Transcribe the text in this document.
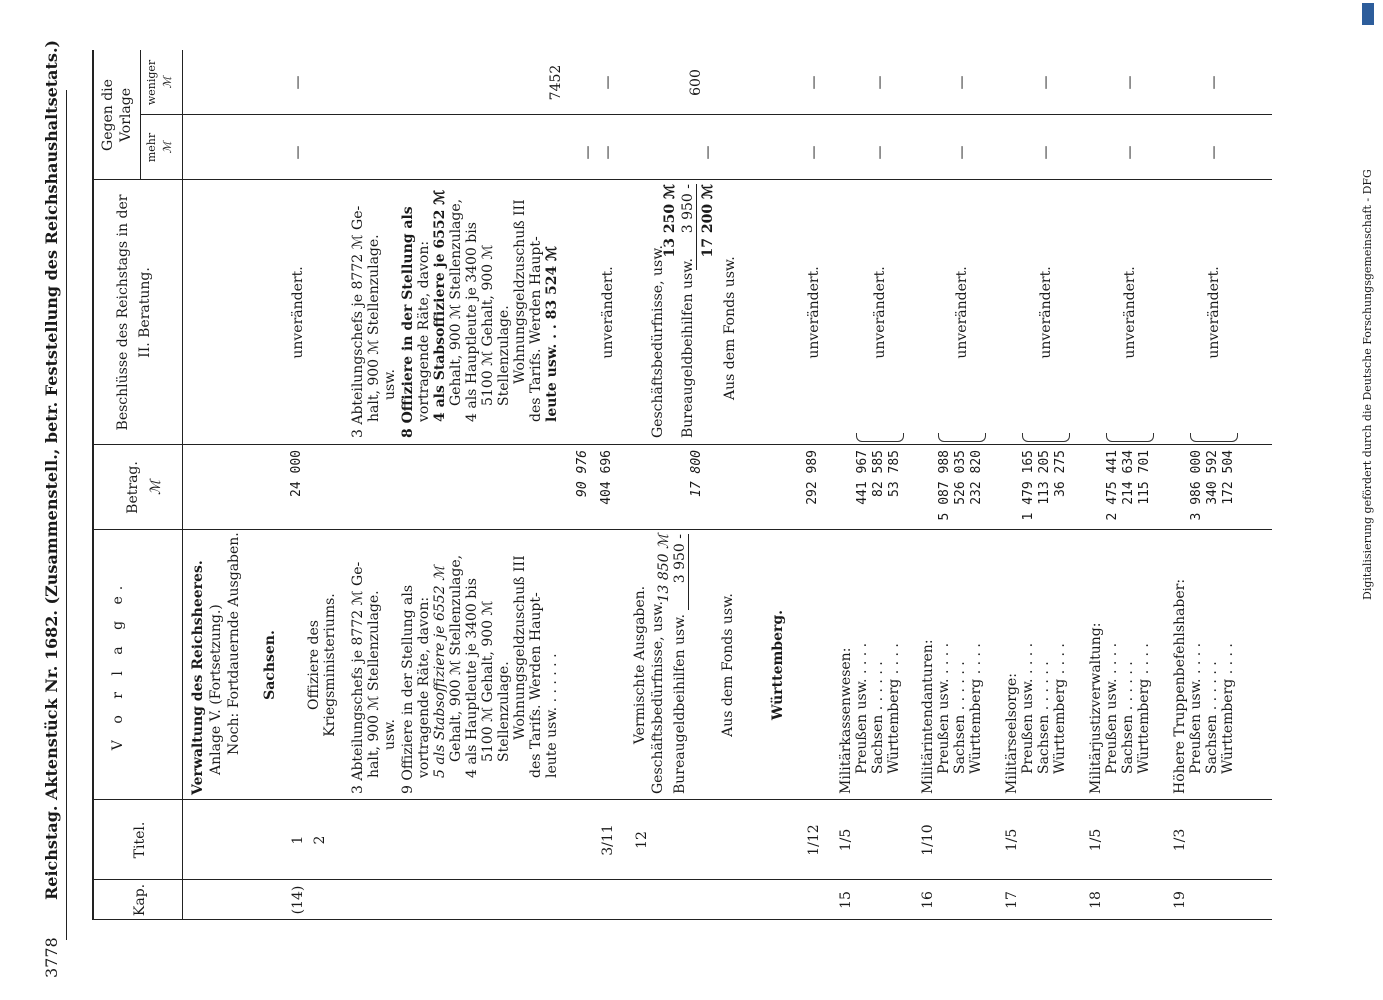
3778
Reichstag. Aktenstück Nr. 1682. (Zusammenstell., betr. Feststellung des Reichshaushaltsetats.)	Kap.
Titel.
V o r l a g e.
Betrag. ℳ
Beschlüsse des Reichstags in der II. Beratung.
Gegen die Vorlage
mehr
weniger
ℳ
ℳ
Verwaltung des Reichsheeres. Anlage V. (Fortsetzung.) Noch: Fortdauernde Ausgaben. Sachsen.
(14)
1 2
24 000
unverändert.
Offiziere des Kriegsministeriums.
—
—
3 Abteilungschefs je 8772 ℳ Ge- halt, 900 ℳ Stellenzulage. usw. 9 Offiziere in der Stellung als vortragende Räte, davon: 5 als Stabsoffiziere je 6552 ℳ Gehalt, 900 ℳ Stellenzulage, 4 als Hauptleute je 3400 bis 5100 ℳ Gehalt, 900 ℳ Stellenzulage. Wohnungsgeldzuschuß III des Tarifs. Werden Haupt- leute usw. . . . . . .
90 976
3 Abteilungschefs je 8772 ℳ Ge- halt, 900 ℳ Stellenzulage. usw. 8 Offiziere in der Stellung als vortragende Räte, davon: 4 als Stabsoffiziere je 6552 ℳ Gehalt, 900 ℳ Stellenzulage, 4 als Hauptleute je 3400 bis 5100 ℳ Gehalt, 900 ℳ Stellenzulage. Wohnungsgeldzuschuß III des Tarifs. Werden Haupt- leute usw. . . 83 524 ℳ
7452
—
3/11
404 696
unverändert.
—
—
12
Vermischte Ausgaben. Geschäftsbedürfnisse, usw.
13 850 ℳ
Bureaugeldbeihilfen usw.
3 950 -
Aus dem Fonds usw.
17 800
Geschäftsbedürfnisse, usw.
13 250 ℳ
Bureaugeldbeihilfen usw.
3 950 - 17 200 ℳ
Aus dem Fonds usw.
600
—
Württemberg.
1/12
292 989
unverändert.
—
—
15
1/5
Militärkassenwesen: Preußen usw. . . . . Sachsen . . . . . . Württemberg . . . .
441 967 82 585 53 785
unverändert.
—
—
16
1/10
Militärintendanturen: Preußen usw. . . . . Sachsen . . . . . . Württemberg . . . .
5 087 988 526 035 232 820
unverändert.
—
—
17
1/5
Militärseelsorge: Preußen usw. . . . . Sachsen . . . . . . Württemberg . . . .
1 479 165 113 205 36 275
unverändert.
—
—
18
1/5
Militärjustizverwaltung: Preußen usw. . . . . Sachsen . . . . . . Württemberg . . . .
2 475 441 214 634 115 701
unverändert.
—
—
19
1/3
Höhere Truppenbefehlshaber: Preußen usw. . . . . Sachsen . . . . . . Württemberg . . . .
3 986 000 340 592 172 504
unverändert.
—
—
Digitalisierung gefördert durch die Deutsche Forschungsgemeinschaft - DFG
